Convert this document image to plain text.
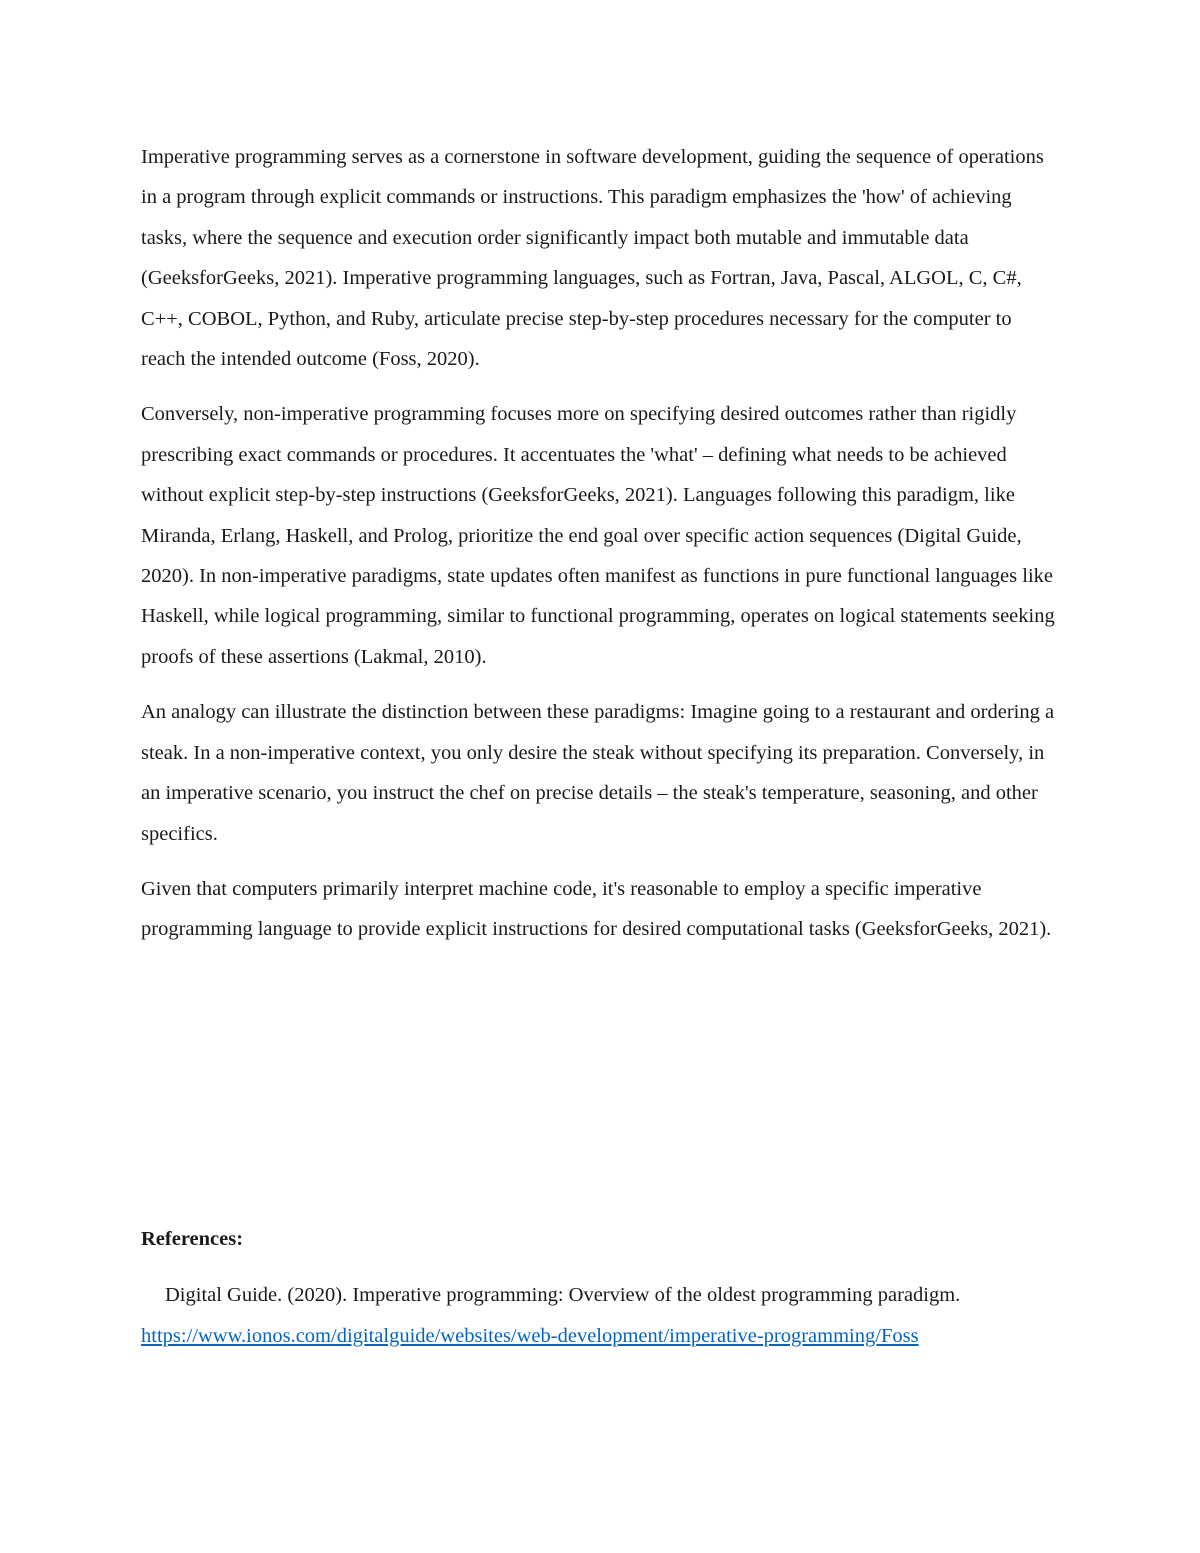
Imperative programming serves as a cornerstone in software development, guiding the sequence of operations in a program through explicit commands or instructions. This paradigm emphasizes the 'how' of achieving tasks, where the sequence and execution order significantly impact both mutable and immutable data (GeeksforGeeks, 2021). Imperative programming languages, such as Fortran, Java, Pascal, ALGOL, C, C#, C++, COBOL, Python, and Ruby, articulate precise step-by-step procedures necessary for the computer to reach the intended outcome (Foss, 2020).

Conversely, non-imperative programming focuses more on specifying desired outcomes rather than rigidly prescribing exact commands or procedures. It accentuates the 'what' – defining what needs to be achieved without explicit step-by-step instructions (GeeksforGeeks, 2021). Languages following this paradigm, like Miranda, Erlang, Haskell, and Prolog, prioritize the end goal over specific action sequences (Digital Guide, 2020). In non-imperative paradigms, state updates often manifest as functions in pure functional languages like Haskell, while logical programming, similar to functional programming, operates on logical statements seeking proofs of these assertions (Lakmal, 2010).

An analogy can illustrate the distinction between these paradigms: Imagine going to a restaurant and ordering a steak. In a non-imperative context, you only desire the steak without specifying its preparation. Conversely, in an imperative scenario, you instruct the chef on precise details – the steak's temperature, seasoning, and other specifics.

Given that computers primarily interpret machine code, it's reasonable to employ a specific imperative programming language to provide explicit instructions for desired computational tasks (GeeksforGeeks, 2021).

References:

Digital Guide. (2020). Imperative programming: Overview of the oldest programming paradigm. https://www.ionos.com/digitalguide/websites/web-development/imperative-programming/Foss
